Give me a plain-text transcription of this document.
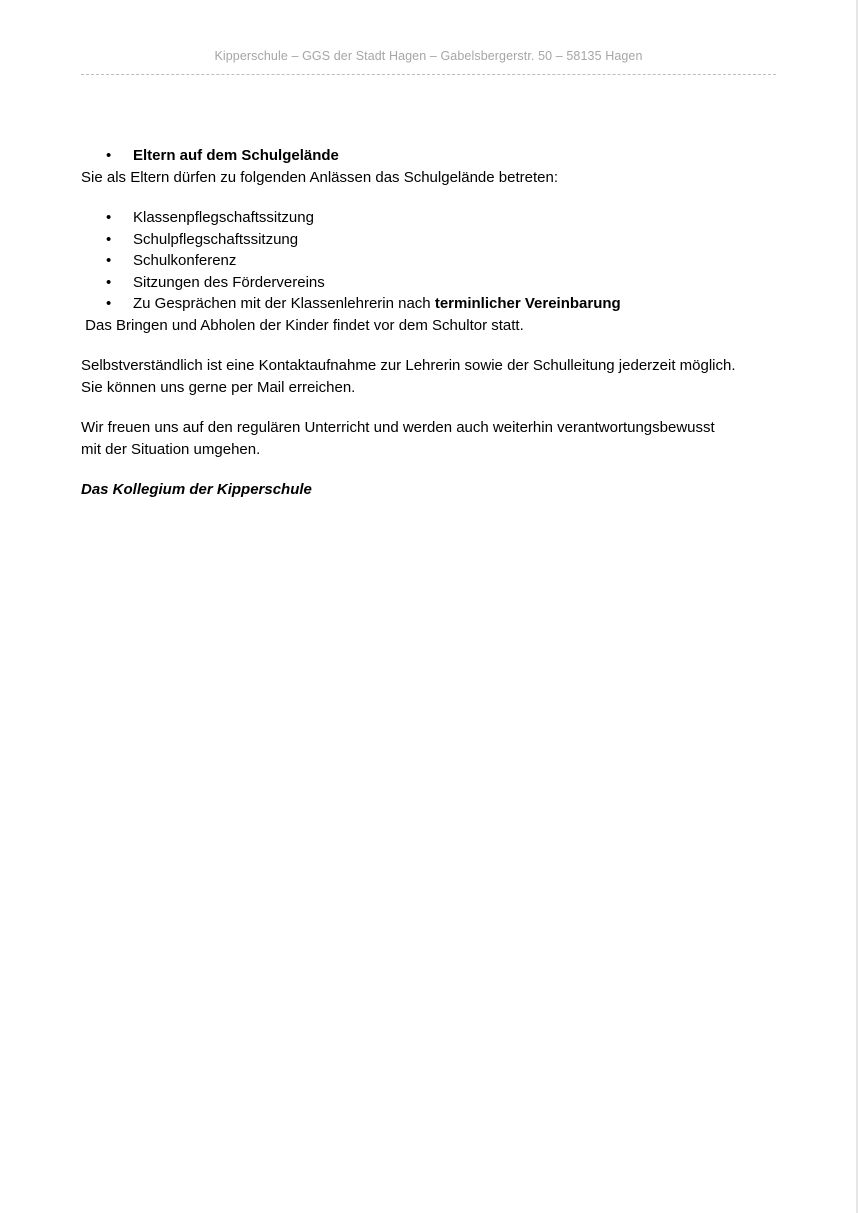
Kipperschule – GGS der Stadt Hagen – Gabelsbergerstr. 50 – 58135 Hagen
• Eltern auf dem Schulgelände

Sie als Eltern dürfen zu folgenden Anlässen das Schulgelände betreten:

• Klassenpflegschaftssitzung
• Schulpflegschaftssitzung
• Schulkonferenz
• Sitzungen des Fördervereins
• Zu Gesprächen mit der Klassenlehrerin nach terminlicher Vereinbarung

Das Bringen und Abholen der Kinder findet vor dem Schultor statt.

Selbstverständlich ist eine Kontaktaufnahme zur Lehrerin sowie der Schulleitung jederzeit möglich.
Sie können uns gerne per Mail erreichen.

Wir freuen uns auf den regulären Unterricht und werden auch weiterhin verantwortungsbewusst
mit der Situation umgehen.

Das Kollegium der Kipperschule
